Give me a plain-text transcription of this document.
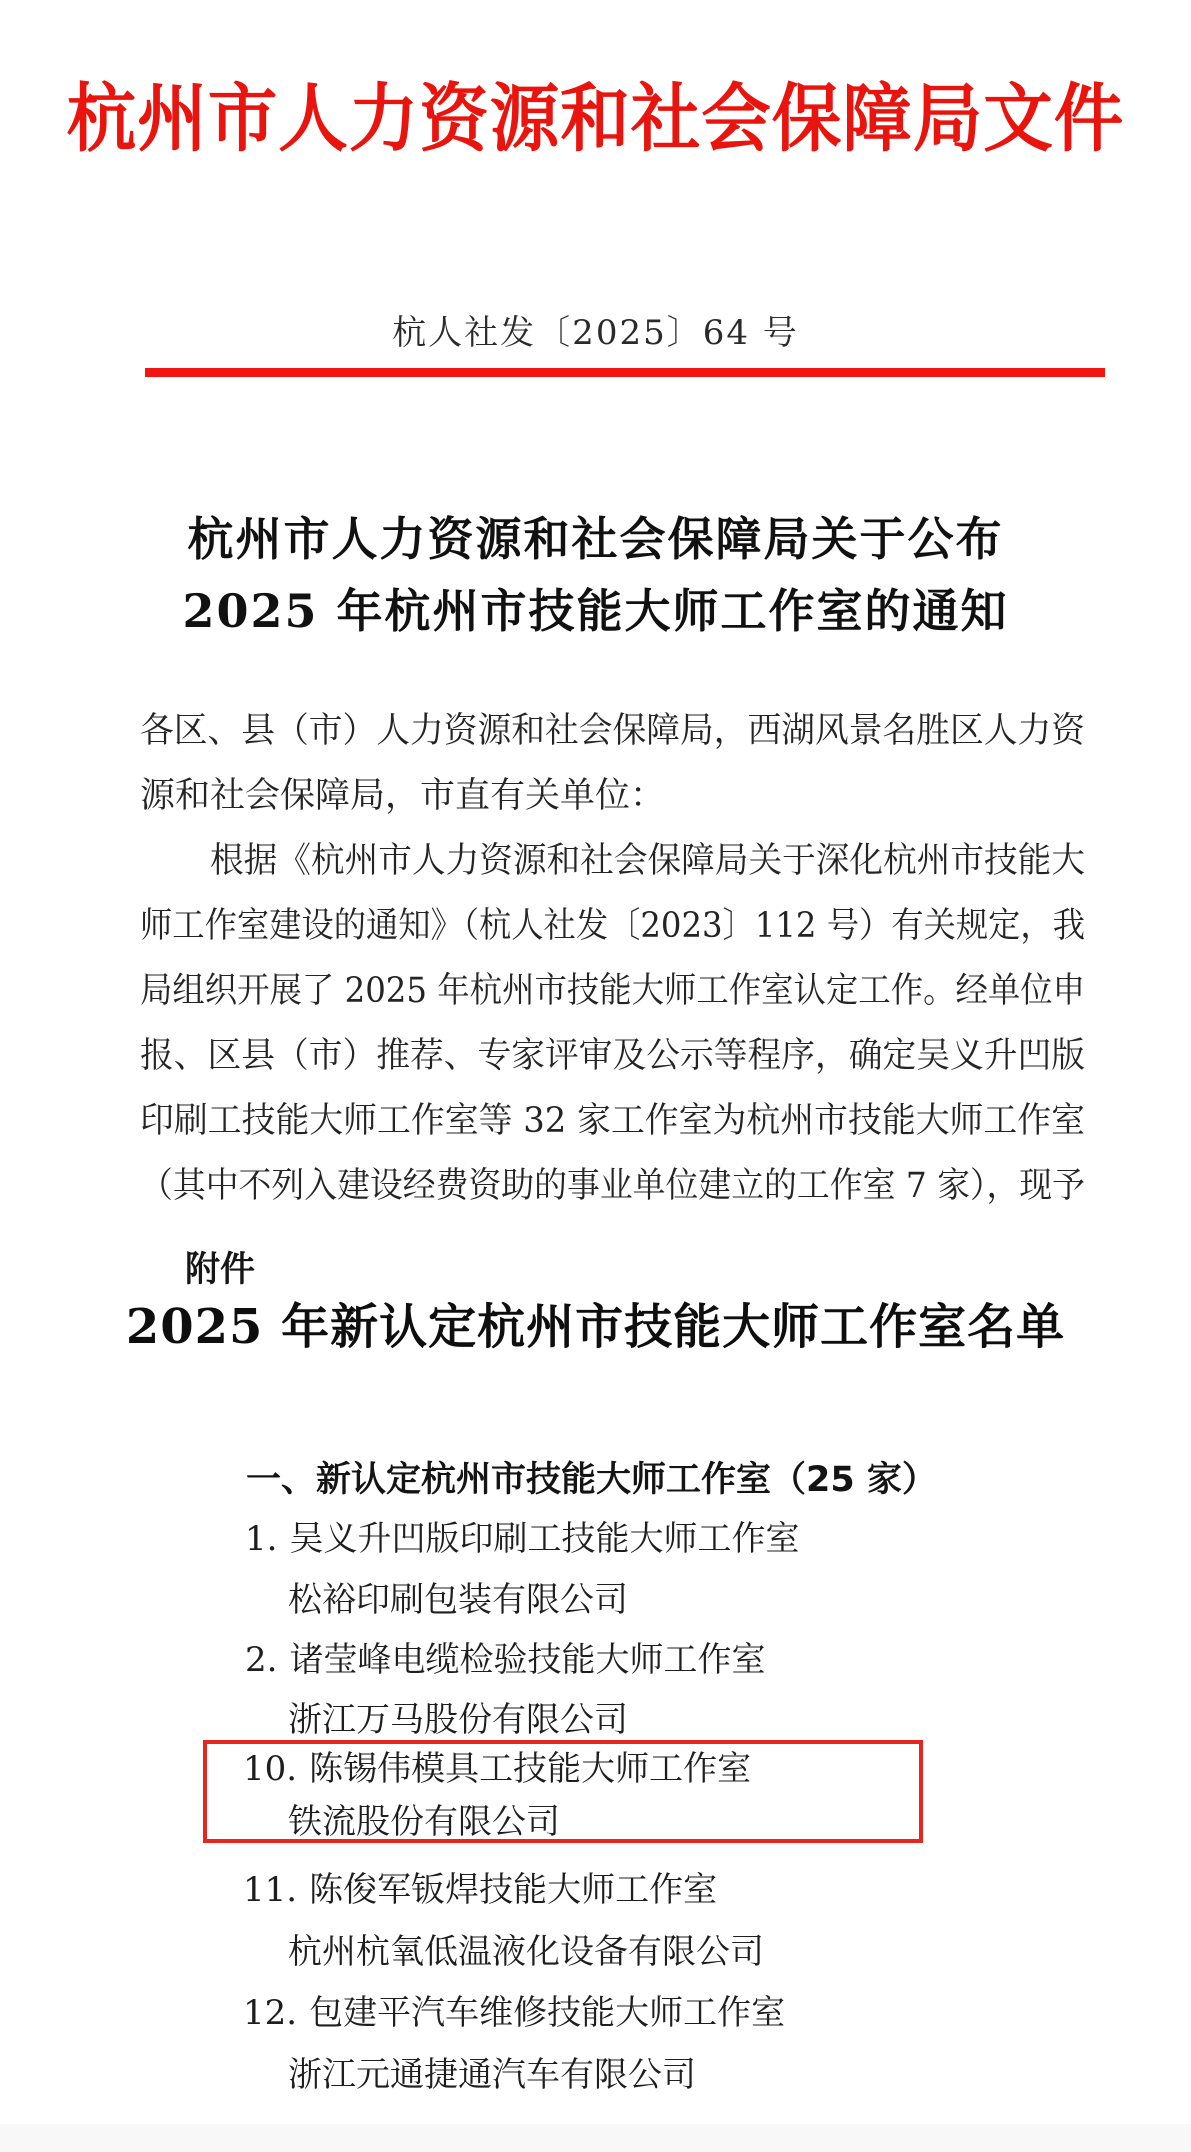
杭州市人力资源和社会保障局文件
杭人社发〔2025〕64 号
杭州市人力资源和社会保障局关于公布
2025 年杭州市技能大师工作室的通知
各区、县（市）人力资源和社会保障局，西湖风景名胜区人力资
源和社会保障局，市直有关单位：
根据《杭州市人力资源和社会保障局关于深化杭州市技能大
师工作室建设的通知》（杭人社发〔2023〕112 号）有关规定，我
局组织开展了 2025 年杭州市技能大师工作室认定工作。经单位申
报、区县（市）推荐、专家评审及公示等程序，确定吴义升凹版
印刷工技能大师工作室等 32 家工作室为杭州市技能大师工作室
（其中不列入建设经费资助的事业单位建立的工作室 7 家），现予
附件
2025 年新认定杭州市技能大师工作室名单
一、新认定杭州市技能大师工作室（25 家）
1. 吴义升凹版印刷工技能大师工作室
松裕印刷包装有限公司
2. 诸莹峰电缆检验技能大师工作室
浙江万马股份有限公司
10. 陈锡伟模具工技能大师工作室
铁流股份有限公司
11. 陈俊军钣焊技能大师工作室
杭州杭氧低温液化设备有限公司
12. 包建平汽车维修技能大师工作室
浙江元通捷通汽车有限公司
